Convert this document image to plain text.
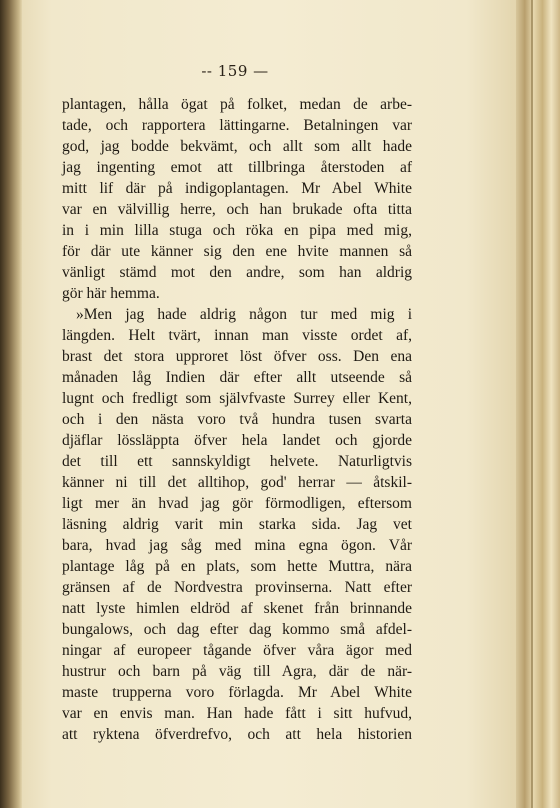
-- 159 —
plantagen, hålla ögat på folket, medan de arbe-
tade, och rapportera lättingarne. Betalningen var
god, jag bodde bekvämt, och allt som allt hade
jag ingenting emot att tillbringa återstoden af
mitt lif där på indigoplantagen. Mr Abel White
var en välvillig herre, och han brukade ofta titta
in i min lilla stuga och röka en pipa med mig,
för där ute känner sig den ene hvite mannen så
vänligt stämd mot den andre, som han aldrig
gör här hemma.
»Men jag hade aldrig någon tur med mig i
längden. Helt tvärt, innan man visste ordet af,
brast det stora upproret löst öfver oss. Den ena
månaden låg Indien där efter allt utseende så
lugnt och fredligt som självfvaste Surrey eller Kent,
och i den nästa voro två hundra tusen svarta
djäflar lössläppta öfver hela landet och gjorde
det till ett sannskyldigt helvete. Naturligtvis
känner ni till det alltihop, god' herrar — åtskil-
ligt mer än hvad jag gör förmodligen, eftersom
läsning aldrig varit min starka sida. Jag vet
bara, hvad jag såg med mina egna ögon. Vår
plantage låg på en plats, som hette Muttra, nära
gränsen af de Nordvestra provinserna. Natt efter
natt lyste himlen eldröd af skenet från brinnande
bungalows, och dag efter dag kommo små afdel-
ningar af europeer tågande öfver våra ägor med
hustrur och barn på väg till Agra, där de när-
maste trupperna voro förlagda. Mr Abel White
var en envis man. Han hade fått i sitt hufvud,
att ryktena öfverdrefvo, och att hela historien
